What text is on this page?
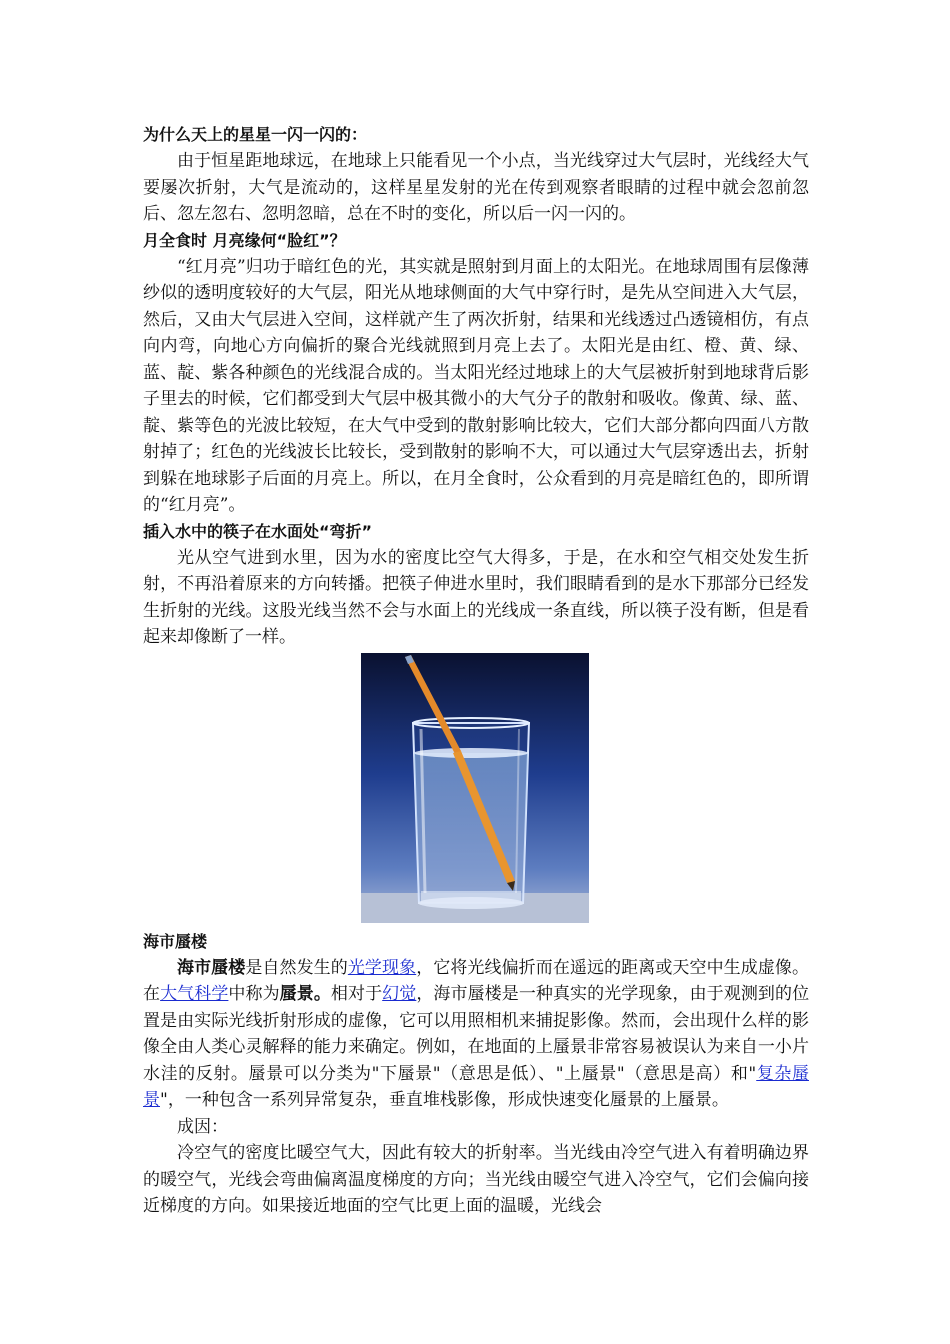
为什么天上的星星一闪一闪的：

由于恒星距地球远，在地球上只能看见一个小点，当光线穿过大气层时，光线经大气要屡次折射，大气是流动的，这样星星发射的光在传到观察者眼睛的过程中就会忽前忽后、忽左忽右、忽明忽暗，总在不时的变化，所以后一闪一闪的。

月全食时 月亮缘何“脸红”？

“红月亮”归功于暗红色的光，其实就是照射到月面上的太阳光。在地球周围有层像薄纱似的透明度较好的大气层，阳光从地球侧面的大气中穿行时，是先从空间进入大气层，然后，又由大气层进入空间，这样就产生了两次折射，结果和光线透过凸透镜相仿，有点向内弯，向地心方向偏折的聚合光线就照到月亮上去了。太阳光是由红、橙、黄、绿、蓝、靛、紫各种颜色的光线混合成的。当太阳光经过地球上的大气层被折射到地球背后影子里去的时候，它们都受到大气层中极其微小的大气分子的散射和吸收。像黄、绿、蓝、靛、紫等色的光波比较短，在大气中受到的散射影响比较大，它们大部分都向四面八方散射掉了；红色的光线波长比较长，受到散射的影响不大，可以通过大气层穿透出去，折射到躲在地球影子后面的月亮上。所以，在月全食时，公众看到的月亮是暗红色的，即所谓的“红月亮”。

插入水中的筷子在水面处“弯折”

光从空气进到水里，因为水的密度比空气大得多，于是，在水和空气相交处发生折射，不再沿着原来的方向转播。把筷子伸进水里时，我们眼睛看到的是水下那部分已经发生折射的光线。这股光线当然不会与水面上的光线成一条直线，所以筷子没有断，但是看起来却像断了一样。

海市蜃楼

海市蜃楼是自然发生的光学现象，它将光线偏折而在遥远的距离或天空中生成虚像。在大气科学中称为蜃景。相对于幻觉，海市蜃楼是一种真实的光学现象，由于观测到的位置是由实际光线折射形成的虚像，它可以用照相机来捕捉影像。然而，会出现什么样的影像全由人类心灵解释的能力来确定。例如，在地面的上蜃景非常容易被误认为来自一小片水洼的反射。蜃景可以分类为"下蜃景"（意思是低）、"上蜃景"（意思是高）和"复杂蜃景"，一种包含一系列异常复杂，垂直堆栈影像，形成快速变化蜃景的上蜃景。

成因：

冷空气的密度比暖空气大，因此有较大的折射率。当光线由冷空气进入有着明确边界的暖空气，光线会弯曲偏离温度梯度的方向；当光线由暖空气进入冷空气，它们会偏向接近梯度的方向。如果接近地面的空气比更上面的温暖，光线会
